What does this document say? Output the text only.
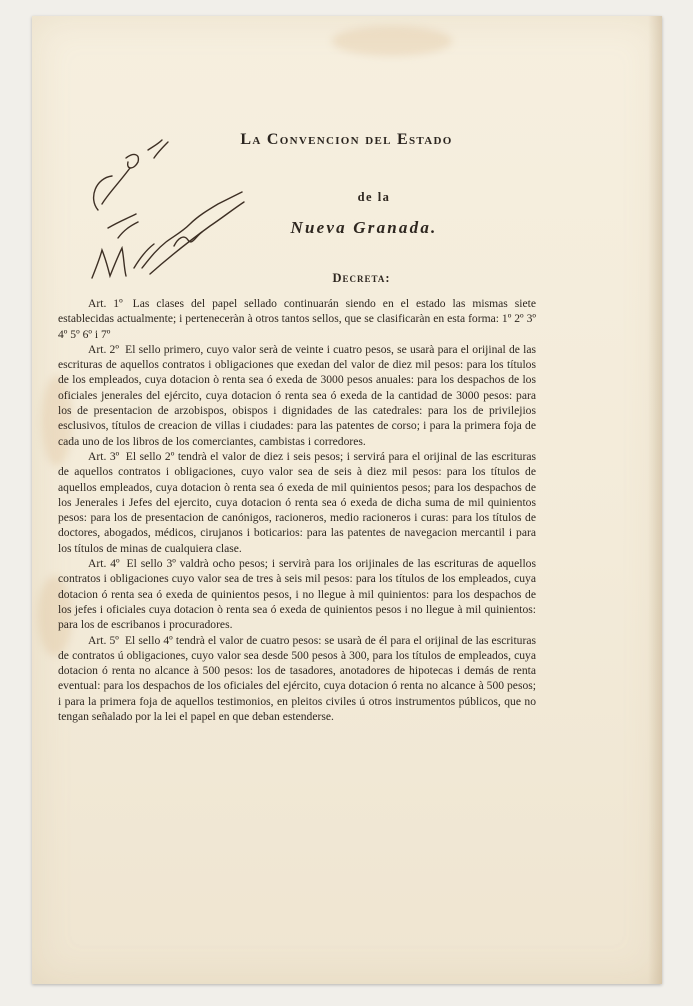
La Convencion del Estado
de la
Nueva Granada.
Decreta:

Art. 1º Las clases del papel sellado continuarán siendo en el estado las mismas siete establecidas actualmente; i perteneceràn à otros tantos sellos, que se clasificaràn en esta forma: 1º 2º 3º 4º 5º 6º i 7º

Art. 2º El sello primero, cuyo valor serà de veinte i cuatro pesos, se usarà para el orijinal de las escrituras de aquellos contratos i obligaciones que exedan del valor de diez mil pesos: para los títulos de los empleados, cuya dotacion ò renta sea ó exeda de 3000 pesos anuales: para los despachos de los oficiales jenerales del ejército, cuya dotacion ó renta sea ó exeda de la cantidad de 3000 pesos: para los de presentacion de arzobispos, obispos i dignidades de las catedrales: para los de privilejios esclusivos, títulos de creacion de villas i ciudades: para las patentes de corso; i para la primera foja de cada uno de los libros de los comerciantes, cambistas i corredores.

Art. 3º El sello 2º tendrà el valor de diez i seis pesos; i servirá para el orijinal de las escrituras de aquellos contratos i obligaciones, cuyo valor sea de seis à diez mil pesos: para los títulos de aquellos empleados, cuya dotacion ò renta sea ó exeda de mil quinientos pesos; para los despachos de los Jenerales i Jefes del ejercito, cuya dotacion ó renta sea ó exeda de dicha suma de mil quinientos pesos: para los de presentacion de canónigos, racioneros, medio racioneros i curas: para los títulos de doctores, abogados, médicos, cirujanos i boticarios: para las patentes de navegacion mercantil i para los títulos de minas de cualquiera clase.

Art. 4º El sello 3º valdrà ocho pesos; i servirà para los orijinales de las escrituras de aquellos contratos i obligaciones cuyo valor sea de tres à seis mil pesos: para los títulos de los empleados, cuya dotacion ó renta sea ó exeda de quinientos pesos, i no llegue à mil quinientos: para los despachos de los jefes i oficiales cuya dotacion ò renta sea ó exeda de quinientos pesos i no llegue à mil quinientos: para los de escribanos i procuradores.

Art. 5º El sello 4º tendrà el valor de cuatro pesos: se usarà de él para el orijinal de las escrituras de contratos ú obligaciones, cuyo valor sea desde 500 pesos à 300, para los títulos de empleados, cuya dotacion ó renta no alcance à 500 pesos: los de tasadores, anotadores de hipotecas i demás de renta eventual: para los despachos de los oficiales del ejército, cuya dotacion ó renta no alcance à 500 pesos; i para la primera foja de aquellos testimonios, en pleitos civiles ú otros instrumentos públicos, que no tengan señalado por la lei el papel en que deban estenderse.
